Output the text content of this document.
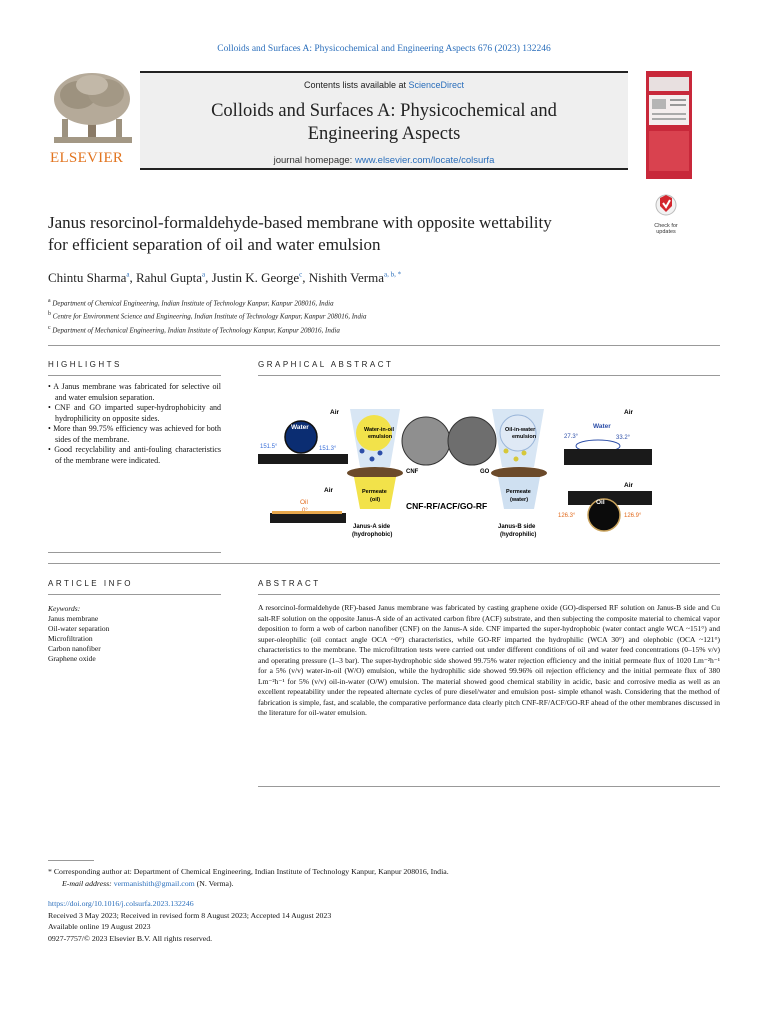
Colloids and Surfaces A: Physicochemical and Engineering Aspects 676 (2023) 132246
ELSEVIER
Contents lists available at ScienceDirect
Colloids and Surfaces A: Physicochemical and
Engineering Aspects
journal homepage: www.elsevier.com/locate/colsurfa
Janus resorcinol-formaldehyde-based membrane with opposite wettability
for efficient separation of oil and water emulsion
Check for
updates
Chintu Sharma$^a$, Rahul Gupta$^a$, Justin K. George$^c$, Nishith Verma$^{a, b, *}$
$^a$ Department of Chemical Engineering, Indian Institute of Technology Kanpur, Kanpur 208016, India
$^b$ Centre for Environment Science and Engineering, Indian Institute of Technology Kanpur, Kanpur 208016, India
$^c$ Department of Mechanical Engineering, Indian Institute of Technology Kanpur, Kanpur 208016, India
HIGHLIGHTS
• A Janus membrane was fabricated for selective oil and water emulsion separation.
• CNF and GO imparted super-hydrophobicity and hydrophilicity on opposite sides.
• More than 99.75% efficiency was achieved for both sides of the membrane.
• Good recyclability and anti-fouling characteristics of the membrane were indicated.
GRAPHICAL ABSTRACT
Air
Water
151.5°	151.3°
Air
Oil
Water-in-oil
emulsion
Permeate
(oil)
Janus-A side
(hydrophobic)
CNF	GO
CNF-RF/ACF/GO-RF
Oil-in-water
emulsion
Permeate
(water)
Janus-B side
(hydrophilic)
Air
Water
27.3°	33.2°
Air
Oil
126.3°	126.9°
ARTICLE INFO
Keywords:
Janus membrane
Oil-water separation
Microfiltration
Carbon nanofiber
Graphene oxide
ABSTRACT
A resorcinol-formaldehyde (RF)-based Janus membrane was fabricated by casting graphene oxide (GO)-dispersed RF solution on Janus-B side and Cu salt-RF solution on the opposite Janus-A side of an activated carbon fibre (ACF) substrate, and then subjecting the composite material to chemical vapor deposition to form a web of carbon nanofiber (CNF) on the Janus-A side. CNF imparted the super-hydrophobic (water contact angle WCA ~151°) and super-oleophilic (oil contact angle OCA ~0°) characteristics, while GO-RF imparted the hydrophilic (WCA 30°) and olephobic (OCA ~121°) characteristics to the membrane. The microfiltration tests were carried out under different conditions of oil and water feed concentrations (0–15% v/v) and operating pressure (1–3 bar). The super-hydrophobic side showed 99.75% water rejection efficiency and the initial permeate flux of 1020 Lm⁻²h⁻¹ for a 5% (v/v) water-in-oil (W/O) emulsion, while the hydrophilic side showed 99.96% oil rejection efficiency and the initial permeate flux of 380 Lm⁻²h⁻¹ for 5% (v/v) oil-in-water (O/W) emulsion. The material showed good chemical stability in acidic, basic and corrosive media as well as an excellent repeatability under the repeated alternate cycles of pure diesel/water and emulsion post- simple ethanol wash. Considering that the method of fabrication is simple, fast, and scalable, the comparative performance data clearly pitch CNF-RF/ACF/GO-RF ahead of the other membranes discussed in the literature for oil-water emulsion.
* Corresponding author at: Department of Chemical Engineering, Indian Institute of Technology Kanpur, Kanpur 208016, India.
E-mail address: vermanishith@gmail.com (N. Verma).
https://doi.org/10.1016/j.colsurfa.2023.132246
Received 3 May 2023; Received in revised form 8 August 2023; Accepted 14 August 2023
Available online 19 August 2023
0927-7757/© 2023 Elsevier B.V. All rights reserved.
